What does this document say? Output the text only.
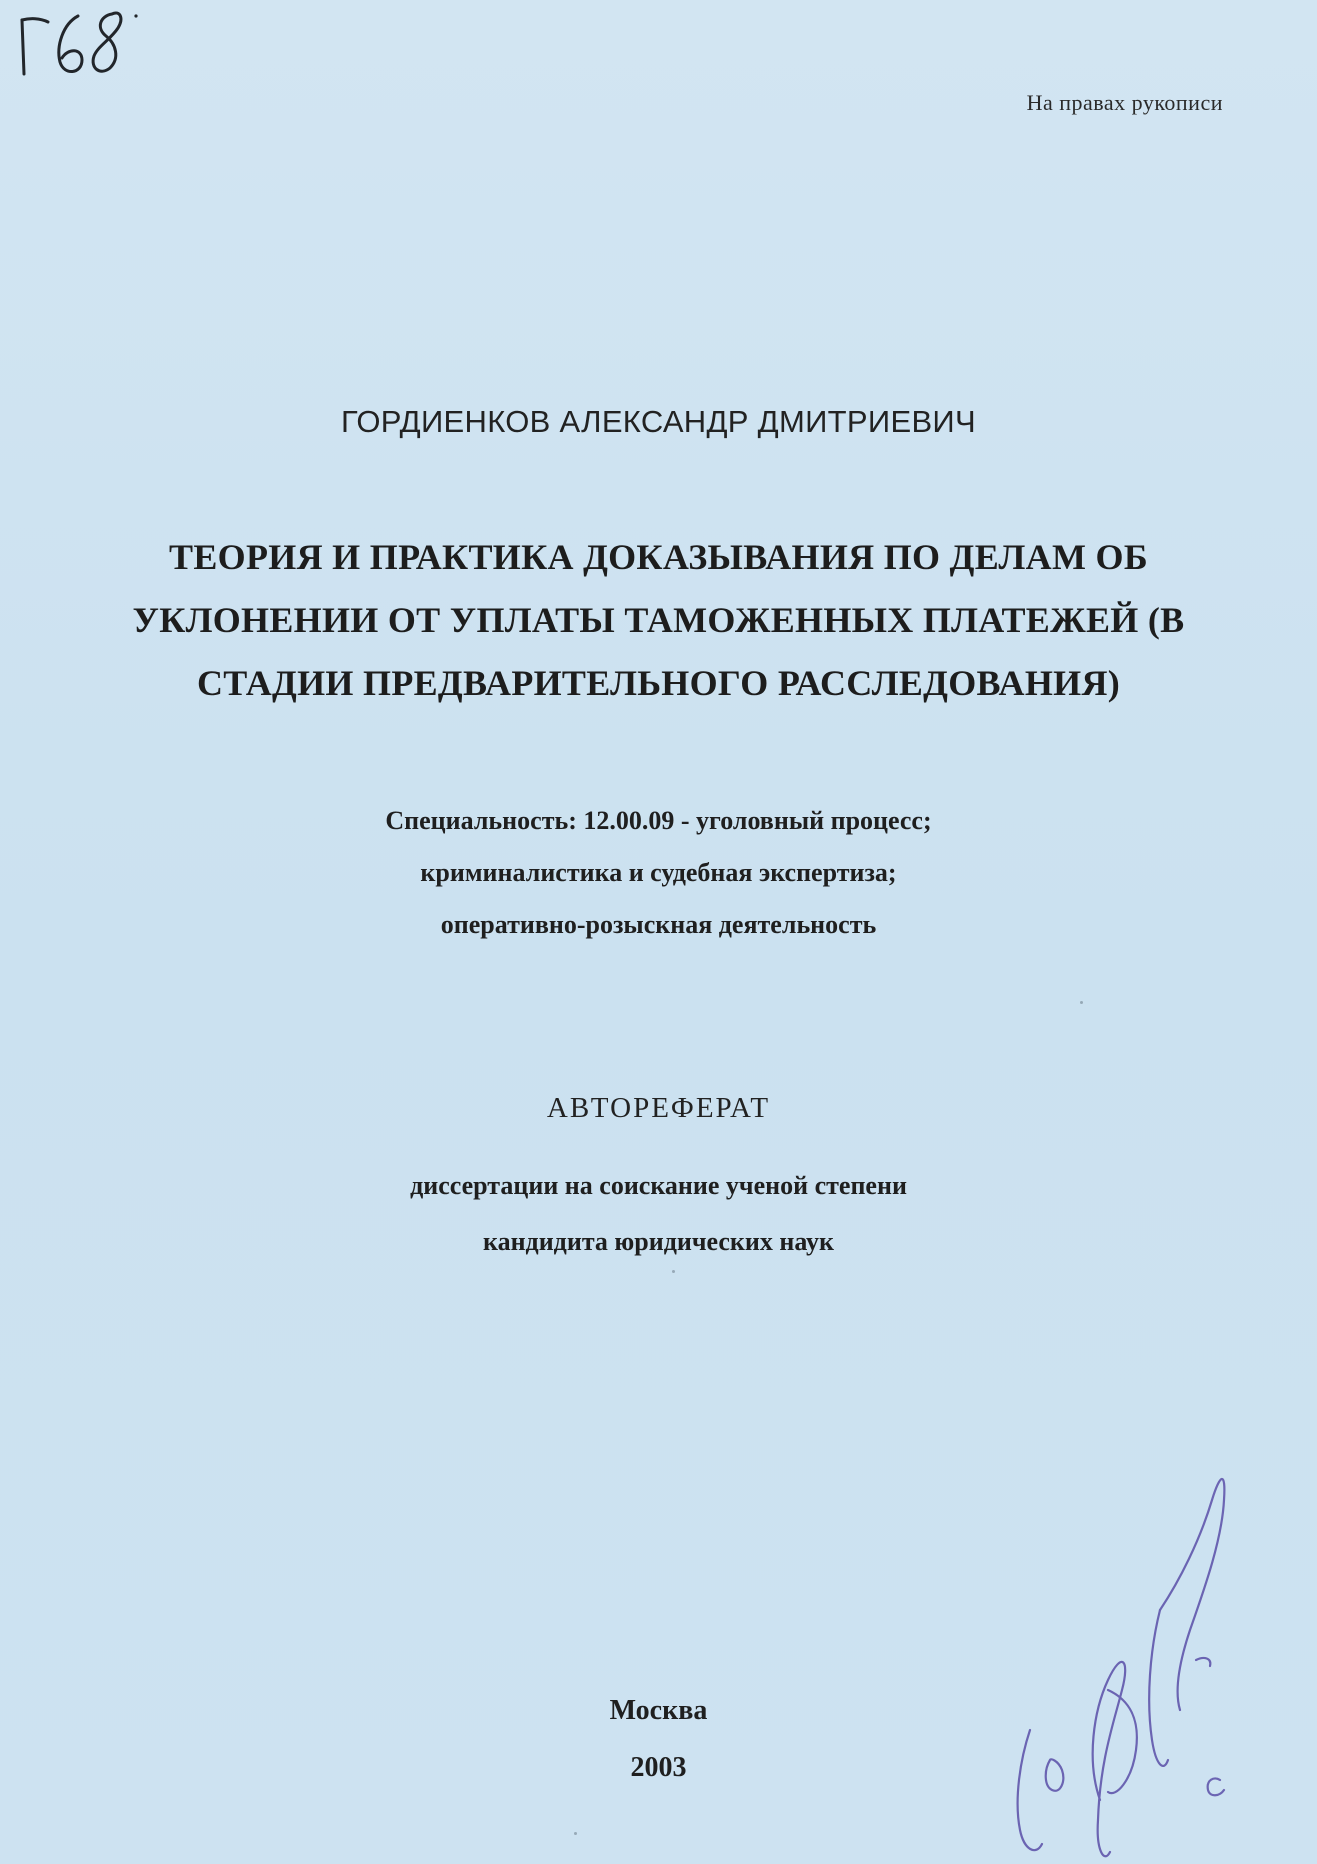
На правах рукописи
ГОРДИЕНКОВ АЛЕКСАНДР ДМИТРИЕВИЧ
ТЕОРИЯ И ПРАКТИКА ДОКАЗЫВАНИЯ ПО ДЕЛАМ ОБ
УКЛОНЕНИИ ОТ УПЛАТЫ ТАМОЖЕННЫХ ПЛАТЕЖЕЙ (В
СТАДИИ ПРЕДВАРИТЕЛЬНОГО РАССЛЕДОВАНИЯ)
Специальность: 12.00.09 - уголовный процесс;
криминалистика и судебная экспертиза;
оперативно-розыскная деятельность
АВТОРЕФЕРАТ
диссертации на соискание ученой степени
кандидита юридических наук
Москва
2003
